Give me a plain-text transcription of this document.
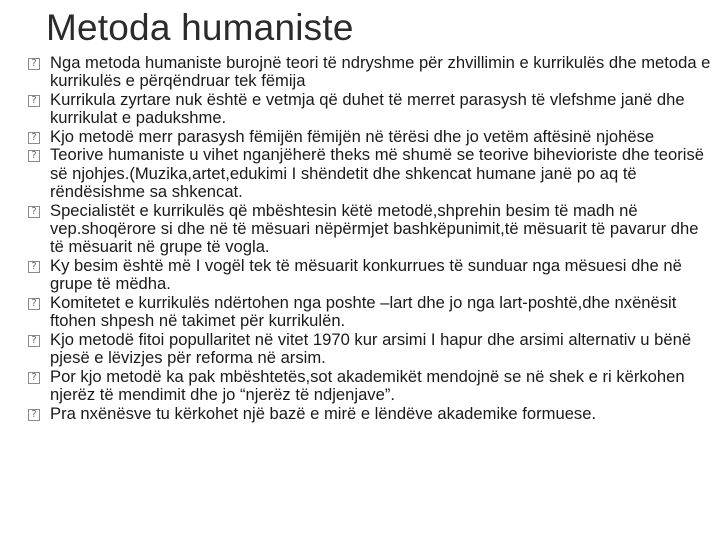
Metoda humaniste
? Nga metoda humaniste burojnë teori të ndryshme për zhvillimin e kurrikulës dhe metoda e kurrikulës e përqëndruar tek fëmija
? Kurrikula zyrtare nuk është e vetmja që duhet të merret parasysh të vlefshme janë dhe kurrikulat e padukshme.
? Kjo metodë merr parasysh fëmijën fëmijën në tërësi dhe jo vetëm aftësinë njohëse
? Teorive humaniste u vihet nganjëherë theks më shumë se teorive bihevioriste dhe teorisë së njohjes.(Muzika,artet,edukimi I shëndetit dhe shkencat humane janë po aq të rëndësishme sa shkencat.
? Specialistët e kurrikulës që mbështesin këtë metodë,shprehin besim të madh në vep.shoqërore si dhe në të mësuari nëpërmjet bashkëpunimit,të mësuarit të pavarur dhe të mësuarit në grupe të vogla.
? Ky besim është më I vogël tek të mësuarit konkurrues të sunduar nga mësuesi dhe në grupe të mëdha.
? Komitetet e kurrikulës ndërtohen nga poshte –lart dhe jo nga lart-poshtë,dhe nxënësit ftohen shpesh në takimet për kurrikulën.
? Kjo metodë fitoi popullaritet në vitet 1970 kur arsimi I hapur dhe arsimi alternativ u bënë pjesë e lëvizjes për reforma në arsim.
? Por kjo metodë ka pak mbështetës,sot akademikët mendojnë se në shek e ri kërkohen njerëz të mendimit dhe jo “njerëz të ndjenjave”.
? Pra nxënësve tu kërkohet një bazë e mirë e lëndëve akademike formuese.
